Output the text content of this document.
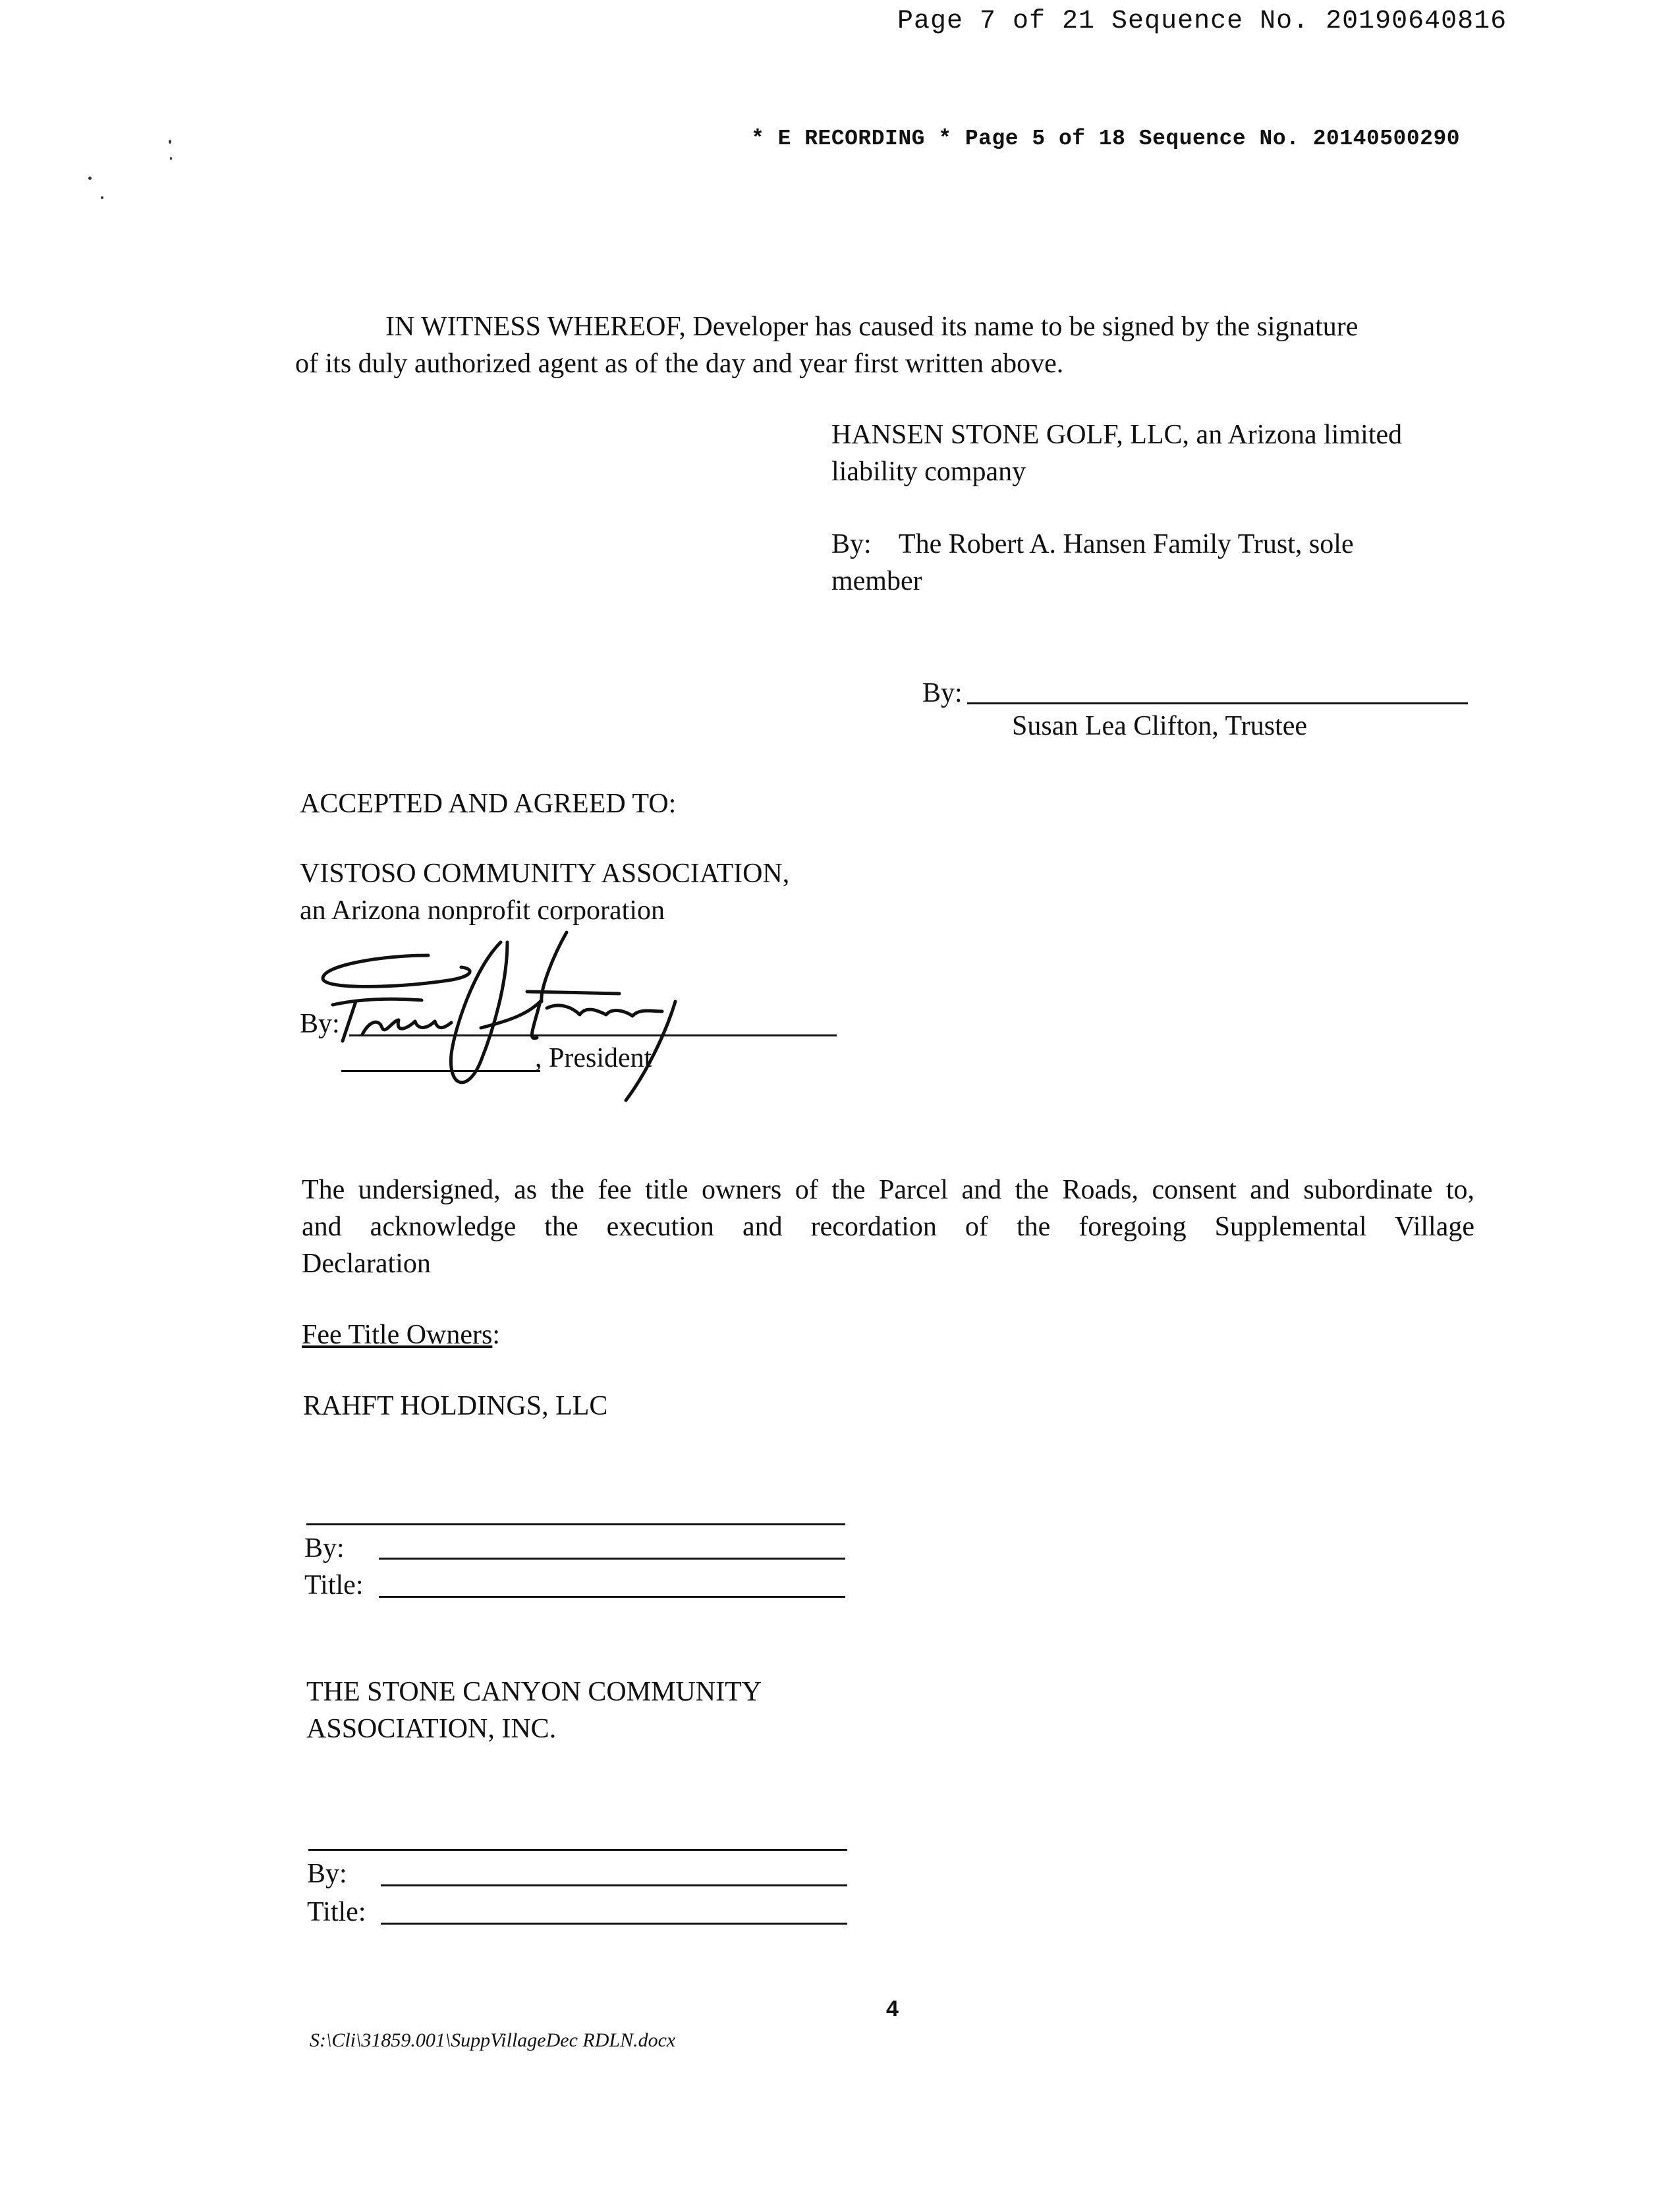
Page 7 of 21 Sequence No. 20190640816
* E RECORDING * Page 5 of 18 Sequence No. 20140500290
IN WITNESS WHEREOF, Developer has caused its name to be signed by the signature
of its duly authorized agent as of the day and year first written above.
HANSEN STONE GOLF, LLC, an Arizona limited
liability company
By:    The Robert A. Hansen Family Trust, sole
member
By:
Susan Lea Clifton, Trustee
ACCEPTED AND AGREED TO:
VISTOSO COMMUNITY ASSOCIATION,
an Arizona nonprofit corporation
By:
, President
The undersigned, as the fee title owners of the Parcel and the Roads, consent and subordinate to,
and acknowledge the execution and recordation of the foregoing Supplemental Village
Declaration
Fee Title Owners:
RAHFT HOLDINGS, LLC
By:
Title:
THE STONE CANYON COMMUNITY
ASSOCIATION, INC.
By:
Title:
4
S:\Cli\31859.001\SuppVillageDec RDLN.docx
